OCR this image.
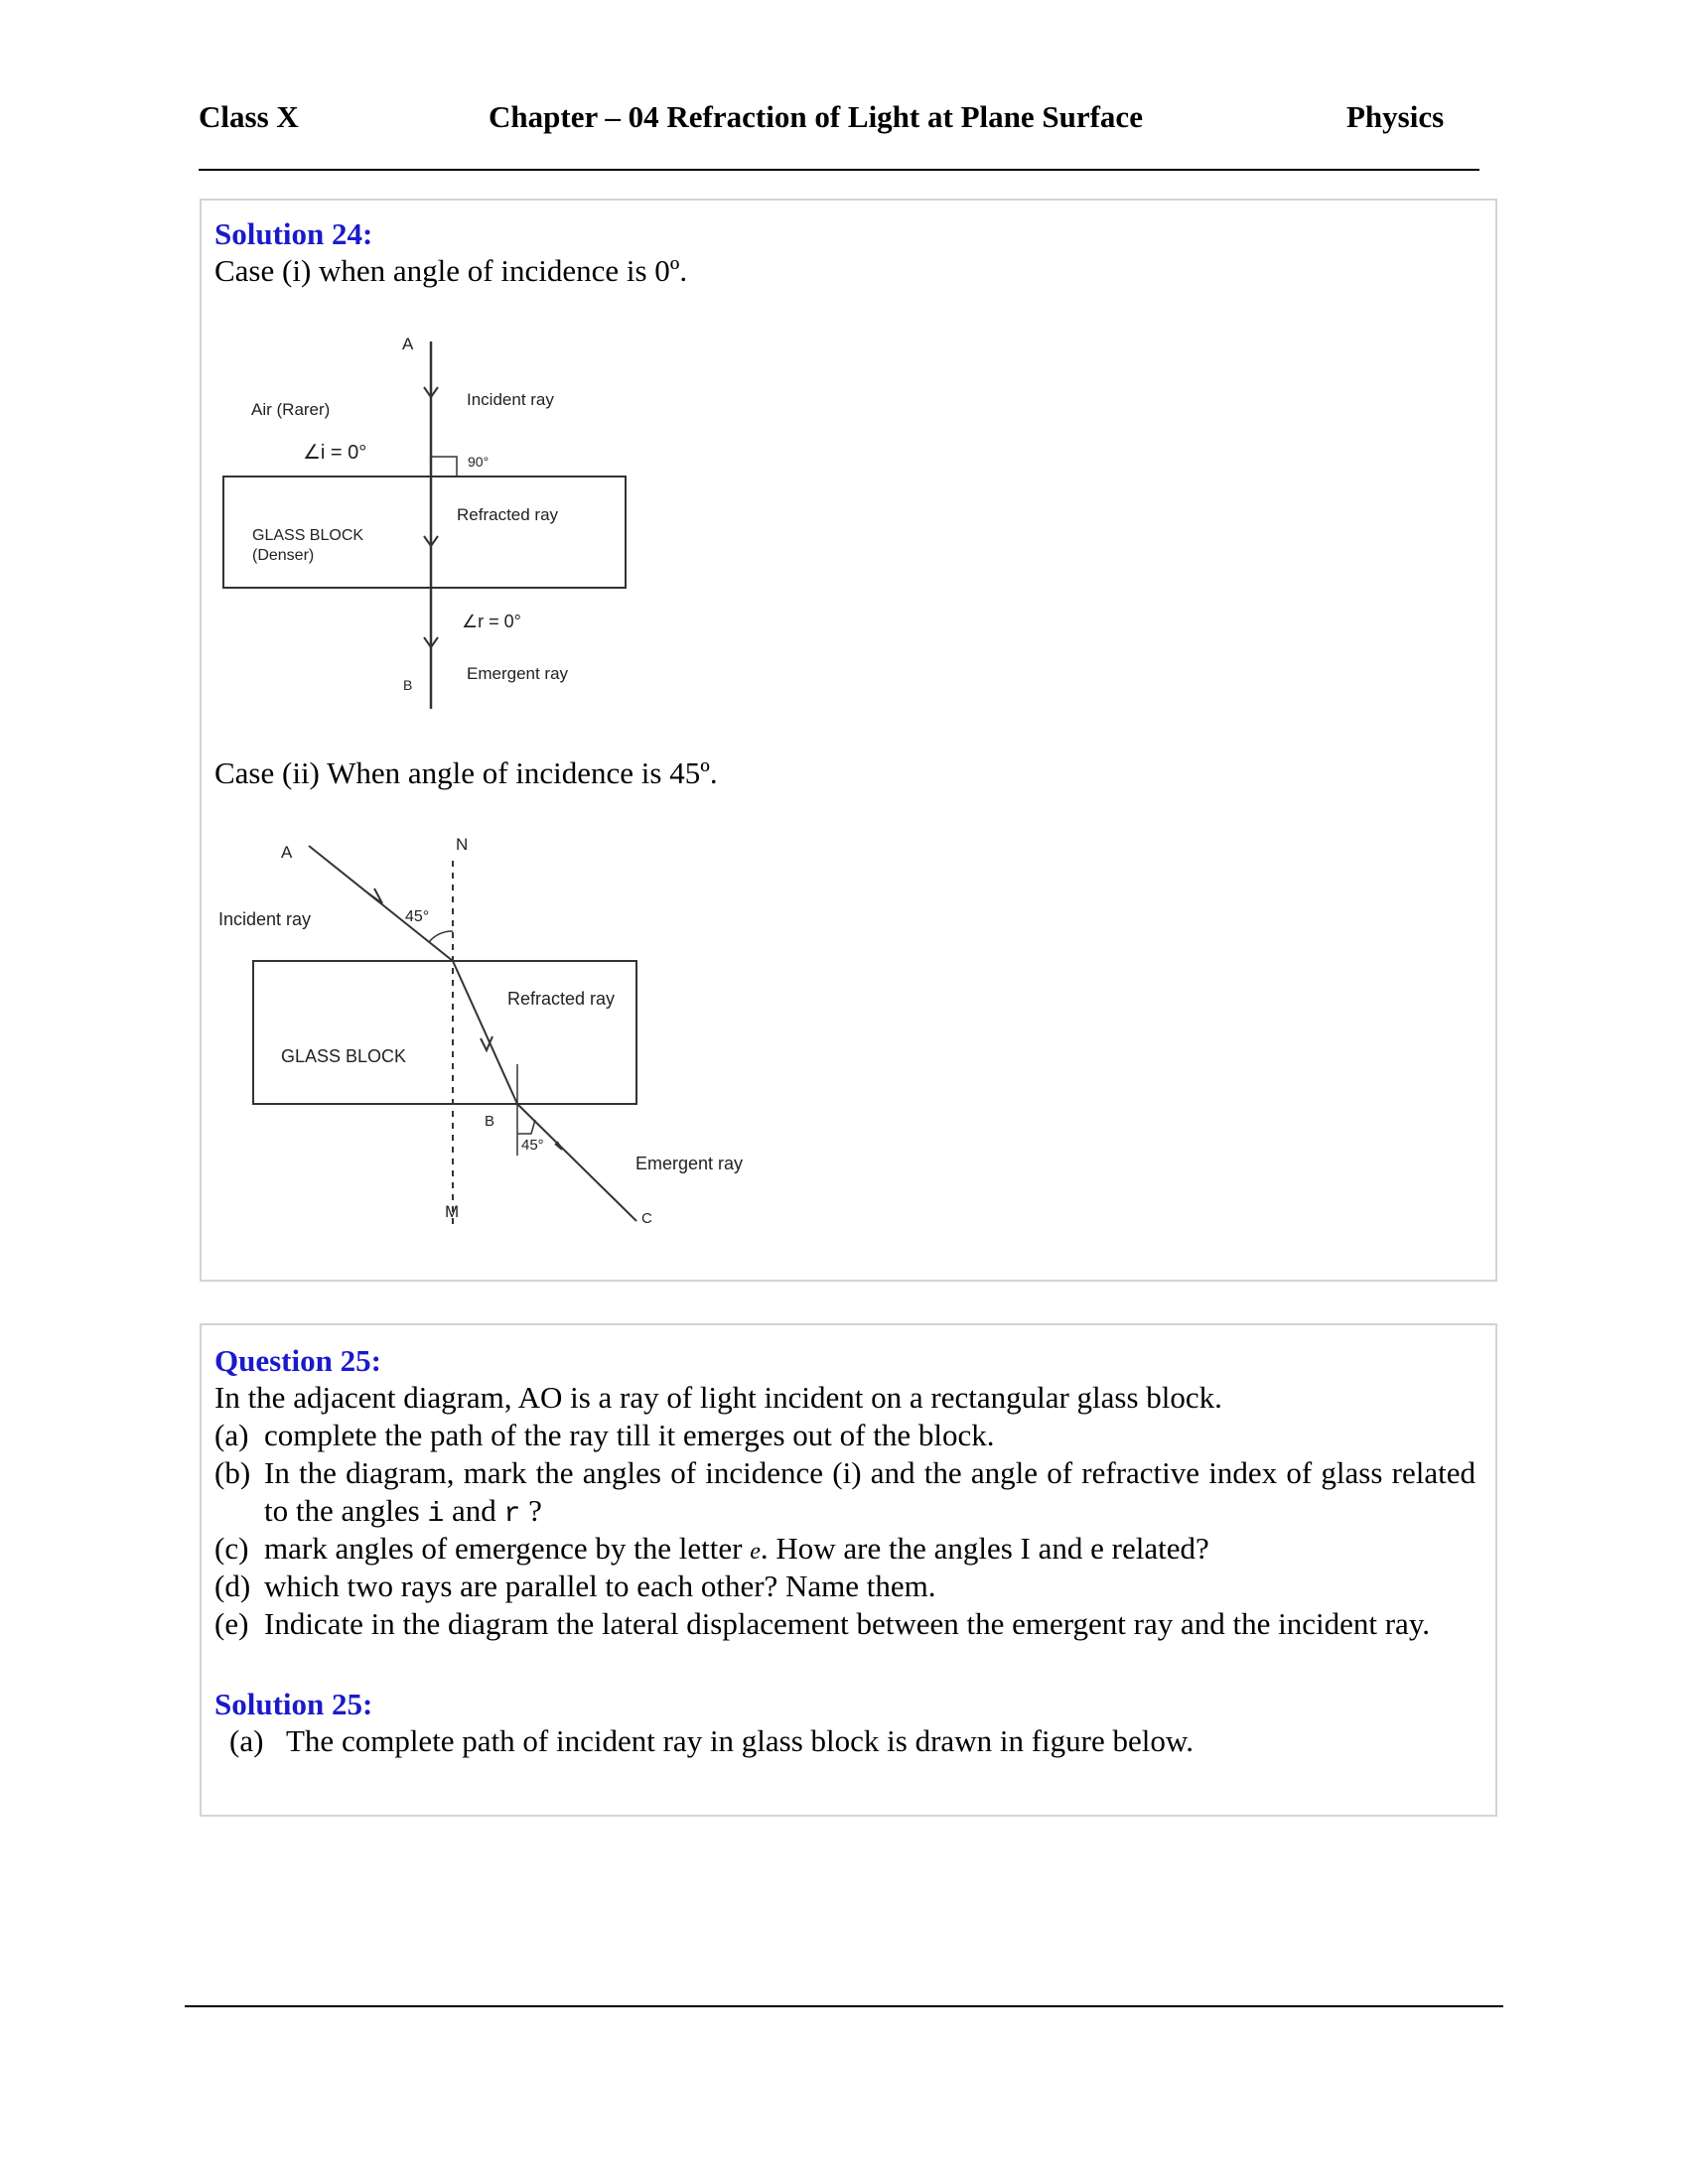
Class X	Chapter – 04 Refraction of Light at Plane Surface	Physics
Solution 24:
Case (i) when angle of incidence is 0º.
A
Air (Rarer)
∠i = 0°
Incident ray
90°
Refracted ray
GLASS BLOCK
(Denser)
∠r = 0°
Emergent ray
B
Case (ii) When angle of incidence is 45º.
A	N
Incident ray	45°
Refracted ray
GLASS BLOCK
B
45°
Emergent ray
M	C
Question 25:
In the adjacent diagram, AO is a ray of light incident on a rectangular glass block.
(a) complete the path of the ray till it emerges out of the block.
(b) In the diagram, mark the angles of incidence (i) and the angle of refractive index of glass related to the angles i and r ?
(c) mark angles of emergence by the letter e. How are the angles I and e related?
(d) which two rays are parallel to each other? Name them.
(e) Indicate in the diagram the lateral displacement between the emergent ray and the incident ray.
Solution 25:
(a) The complete path of incident ray in glass block is drawn in figure below.
